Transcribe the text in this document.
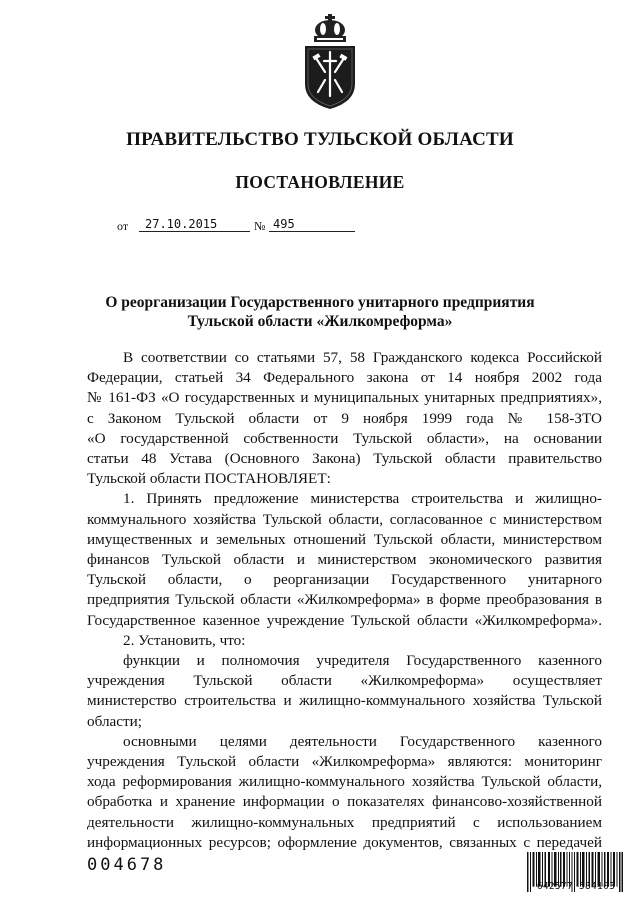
ПРАВИТЕЛЬСТВО ТУЛЬСКОЙ ОБЛАСТИ
ПОСТАНОВЛЕНИЕ
от	27.10.2015	№ 495
О реорганизации Государственного унитарного предприятия
Тульской области «Жилкомреформа»
В соответствии со статьями 57, 58 Гражданского кодекса Российской
Федерации, статьей 34 Федерального закона от 14 ноября 2002 года
№ 161-ФЗ «О государственных и муниципальных унитарных предприятиях»,
с Законом Тульской области от 9 ноября 1999 года № 158-ЗТО
«О государственной собственности Тульской области», на основании
статьи 48 Устава (Основного Закона) Тульской области правительство
Тульской области ПОСТАНОВЛЯЕТ:
1. Принять предложение министерства строительства и жилищно-
коммунального хозяйства Тульской области, согласованное с министерством
имущественных и земельных отношений Тульской области, министерством
финансов Тульской области и министерством экономического развития
Тульской области, о реорганизации Государственного унитарного
предприятия Тульской области «Жилкомреформа» в форме преобразования в
Государственное казенное учреждение Тульской области «Жилкомреформа».
2. Установить, что:
функции и полномочия учредителя Государственного казенного
учреждения Тульской области «Жилкомреформа» осуществляет
министерство строительства и жилищно-коммунального хозяйства Тульской
области;
основными целями деятельности Государственного казенного
учреждения Тульской области «Жилкомреформа» являются: мониторинг
хода реформирования жилищно-коммунального хозяйства Тульской области,
обработка и хранение информации о показателях финансово-хозяйственной
деятельности жилищно-коммунальных предприятий с использованием
информационных ресурсов; оформление документов, связанных с передачей
004678
642577 584103
